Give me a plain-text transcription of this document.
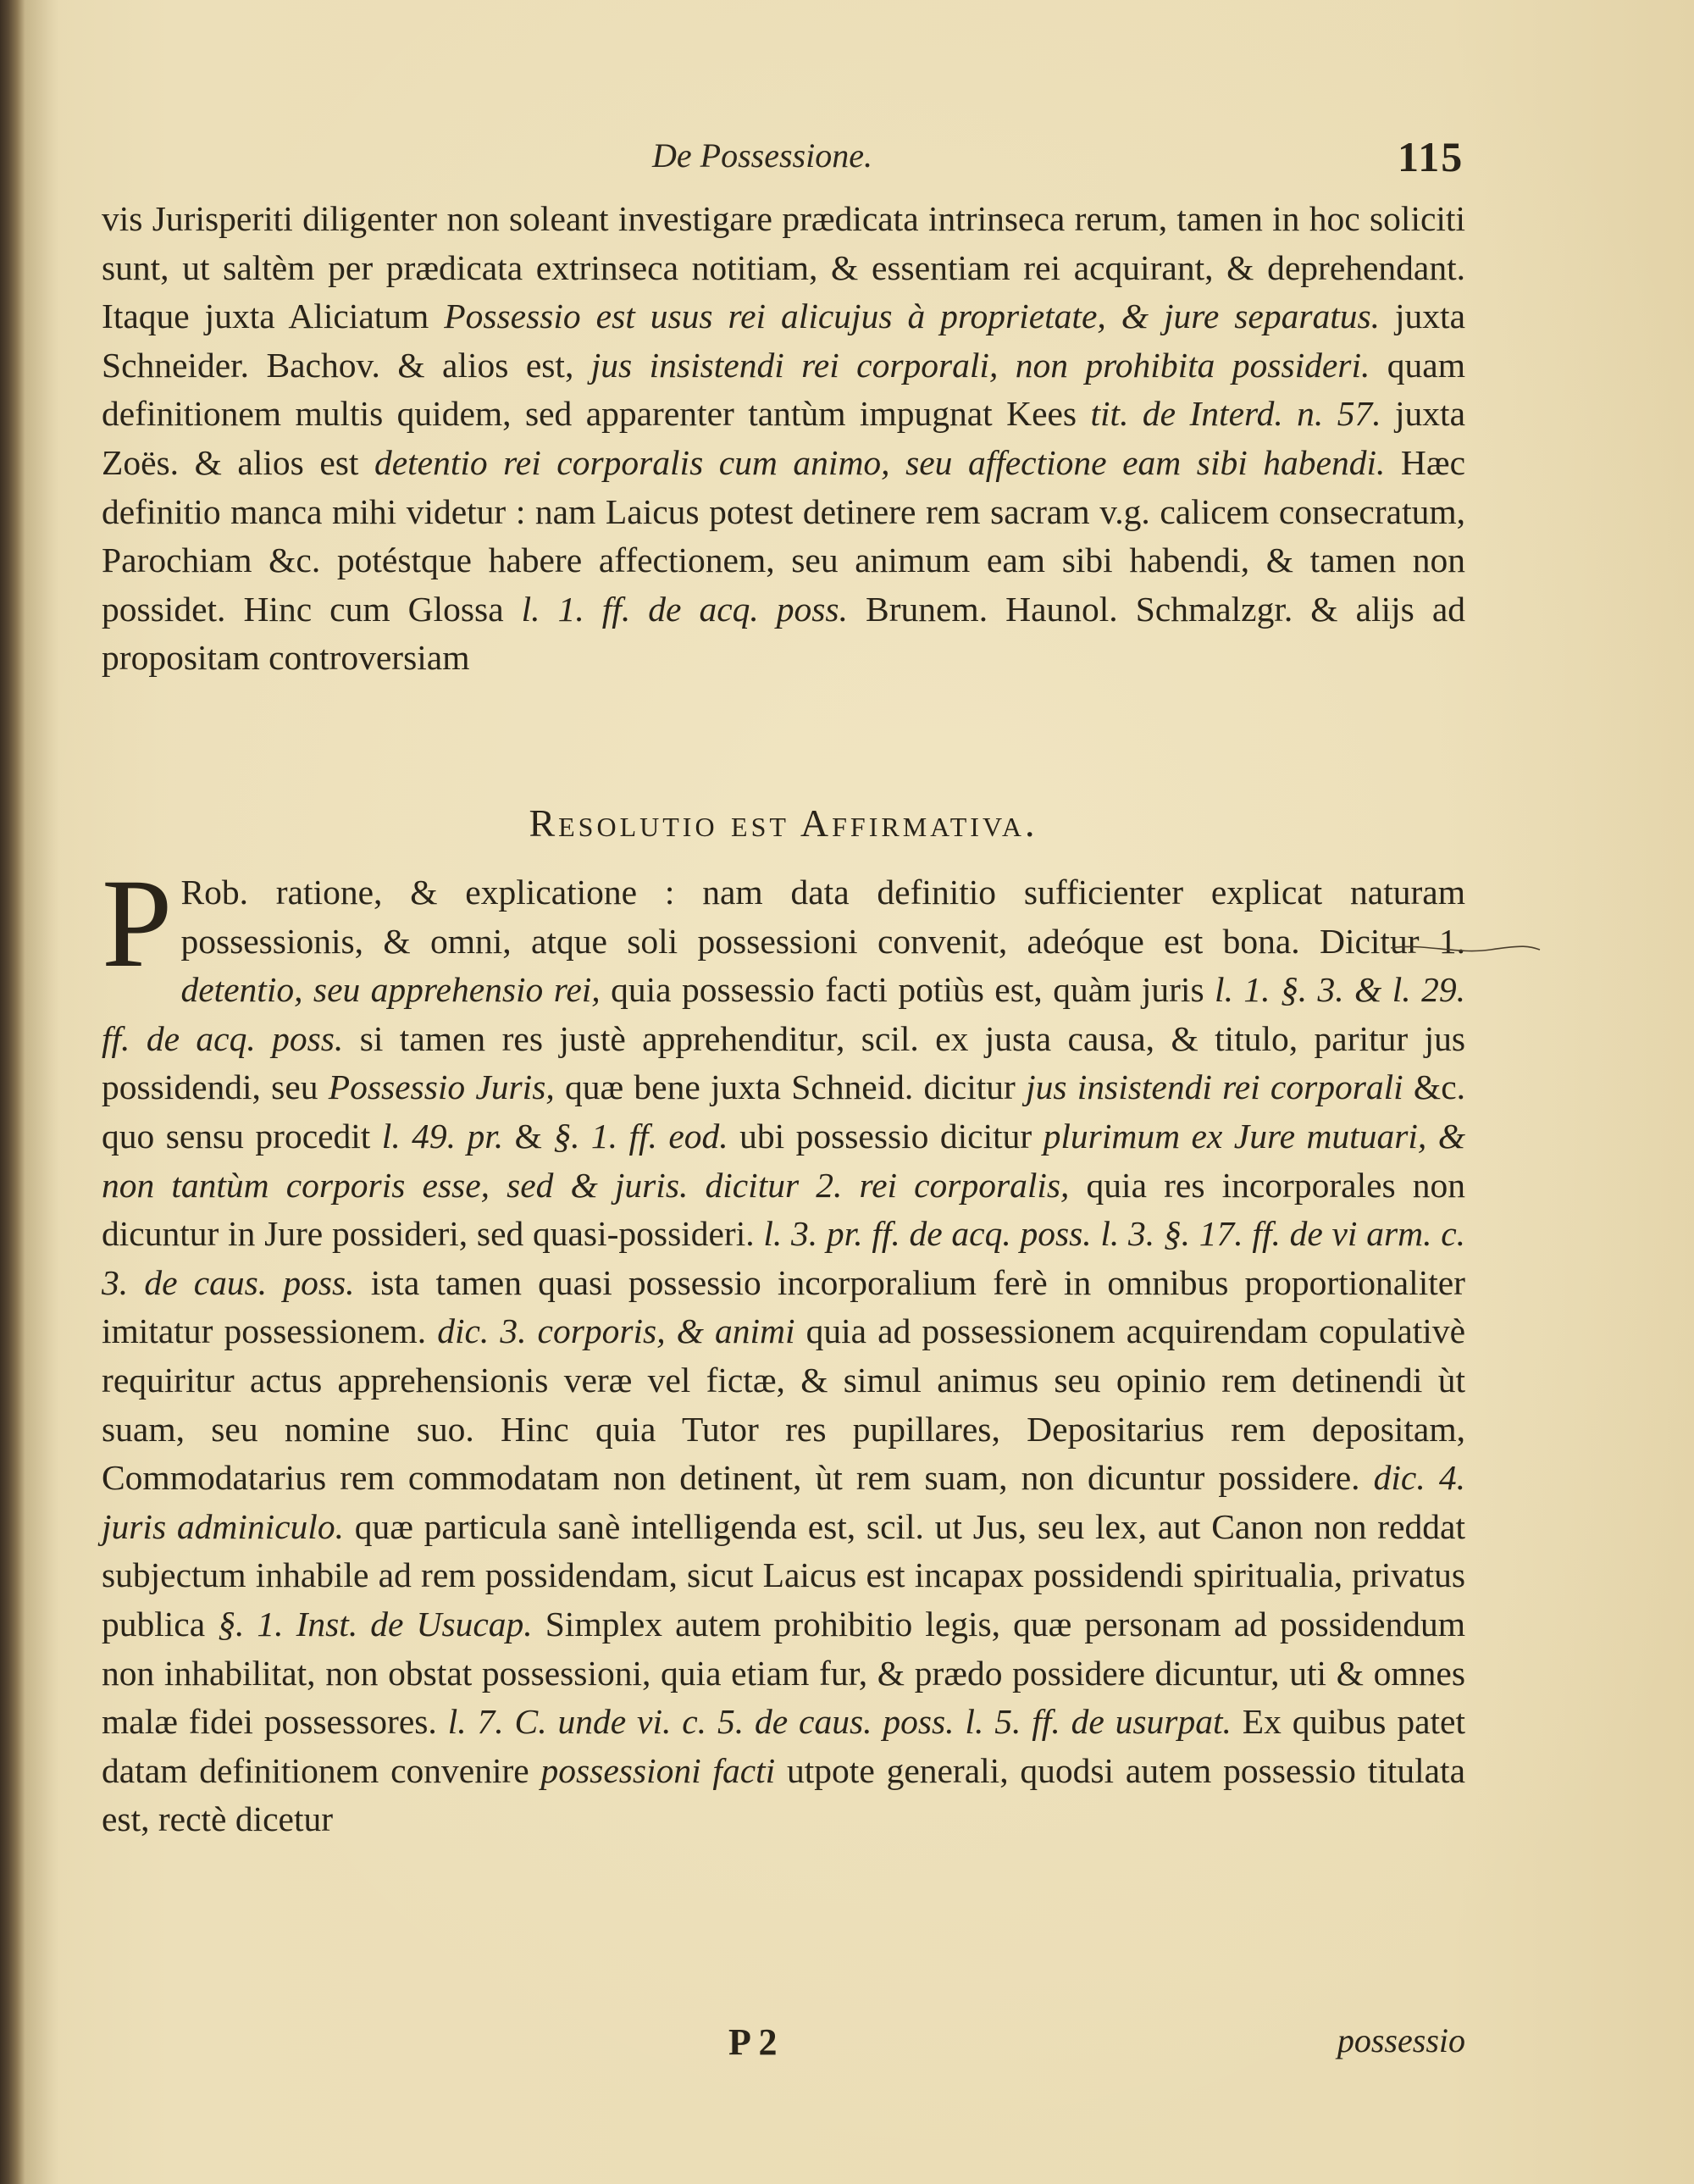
De Possessione.	115
vis Jurisperiti diligenter non soleant investigare prædicata intrinseca rerum, tamen in hoc soliciti sunt, ut saltèm per prædicata extrinseca notitiam, & essentiam rei acquirant, & deprehendant. Itaque juxta Aliciatum Possessio est usus rei alicujus à proprietate, & jure separatus. juxta Schneider. Bachov. & alios est, jus insistendi rei corporali, non prohibita possideri. quam definitionem multis quidem, sed apparenter tantùm impugnat Kees tit. de Interd. n. 57. juxta Zoës. & alios est detentio rei corporalis cum animo, seu affectione eam sibi habendi. Hæc definitio manca mihi videtur : nam Laicus potest detinere rem sacram v.g. calicem consecratum, Parochiam &c. potéstque habere affectionem, seu animum eam sibi habendi, & tamen non possidet. Hinc cum Glossa l. 1. ff. de acq. poss. Brunem. Haunol. Schmalzgr. & alijs ad propositam controversiam
Resolutio est Affirmativa.
P Rob. ratione, & explicatione : nam data definitio sufficienter explicat naturam possessionis, & omni, atque soli possessioni convenit, adeóque est bona. Dicitur 1. detentio, seu apprehensio rei, quia possessio facti potiùs est, quàm juris l. 1. §. 3. & l. 29. ff. de acq. poss. si tamen res justè apprehenditur, scil. ex justa causa, & titulo, paritur jus possidendi, seu Possessio Juris, quæ bene juxta Schneid. dicitur jus insistendi rei corporali &c. quo sensu procedit l. 49. pr. & §. 1. ff. eod. ubi possessio dicitur plurimum ex Jure mutuari, & non tantùm corporis esse, sed & juris. dicitur 2. rei corporalis, quia res incorporales non dicuntur in Jure possideri, sed quasi-possideri. l. 3. pr. ff. de acq. poss. l. 3. §. 17. ff. de vi arm. c. 3. de caus. poss. ista tamen quasi possessio incorporalium ferè in omnibus proportionaliter imitatur possessionem. dic. 3. corporis, & animi quia ad possessionem acquirendam copulativè requiritur actus apprehensionis veræ vel fictæ, & simul animus seu opinio rem detinendi ùt suam, seu nomine suo. Hinc quia Tutor res pupillares, Depositarius rem depositam, Commodatarius rem commodatam non detinent, ùt rem suam, non dicuntur possidere. dic. 4. juris adminiculo. quæ particula sanè intelligenda est, scil. ut Jus, seu lex, aut Canon non reddat subjectum inhabile ad rem possidendam, sicut Laicus est incapax possidendi spiritualia, privatus publica §. 1. Inst. de Usucap. Simplex autem prohibitio legis, quæ personam ad possidendum non inhabilitat, non obstat possessioni, quia etiam fur, & prædo possidere dicuntur, uti & omnes malæ fidei possessores. l. 7. C. unde vi. c. 5. de caus. poss. l. 5. ff. de usurpat. Ex quibus patet datam definitionem convenire possessioni facti utpote generali, quodsi autem possessio titulata est, rectè dicetur
P 2	possessio
